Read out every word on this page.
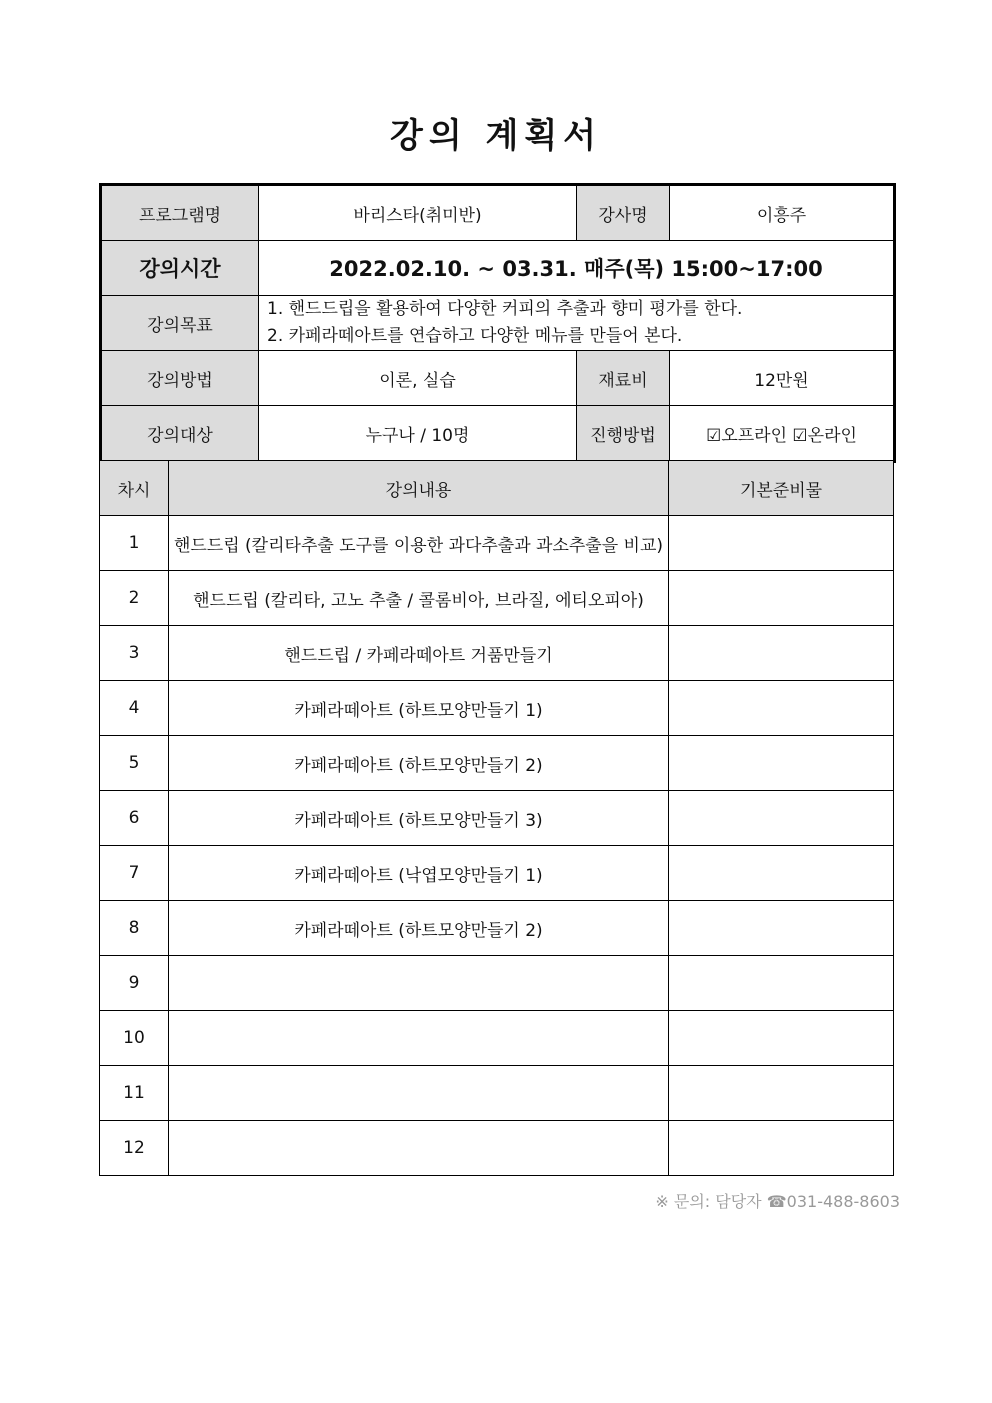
강의 계획서
프로그램명	바리스타(취미반)	강사명	이흥주
강의시간	2022.02.10. ~ 03.31. 매주(목) 15:00~17:00		
강의목표	1. 핸드드립을 활용하여 다양한 커피의 추출과 향미 평가를 한다.
2. 카페라떼아트를 연습하고 다양한 메뉴를 만들어 본다.		

강의방법	이론, 실습	재료비	12만원
강의대상	누구나 / 10명	진행방법	☑오프라인 ☑온라인
차시	강의내용	기본준비물
1	핸드드립 (칼리타추출 도구를 이용한 과다추출과 과소추출을 비교)	
2	핸드드립 (칼리타, 고노 추출 / 콜롬비아, 브라질, 에티오피아)	
3	핸드드립 / 카페라떼아트 거품만들기	
4	카페라떼아트 (하트모양만들기 1)	
5	카페라떼아트 (하트모양만들기 2)	
6	카페라떼아트 (하트모양만들기 3)	
7	카페라떼아트 (낙엽모양만들기 1)	
8	카페라떼아트 (하트모양만들기 2)	
9		
10		
11		
12		
※ 문의: 담당자 ☎031-488-8603
